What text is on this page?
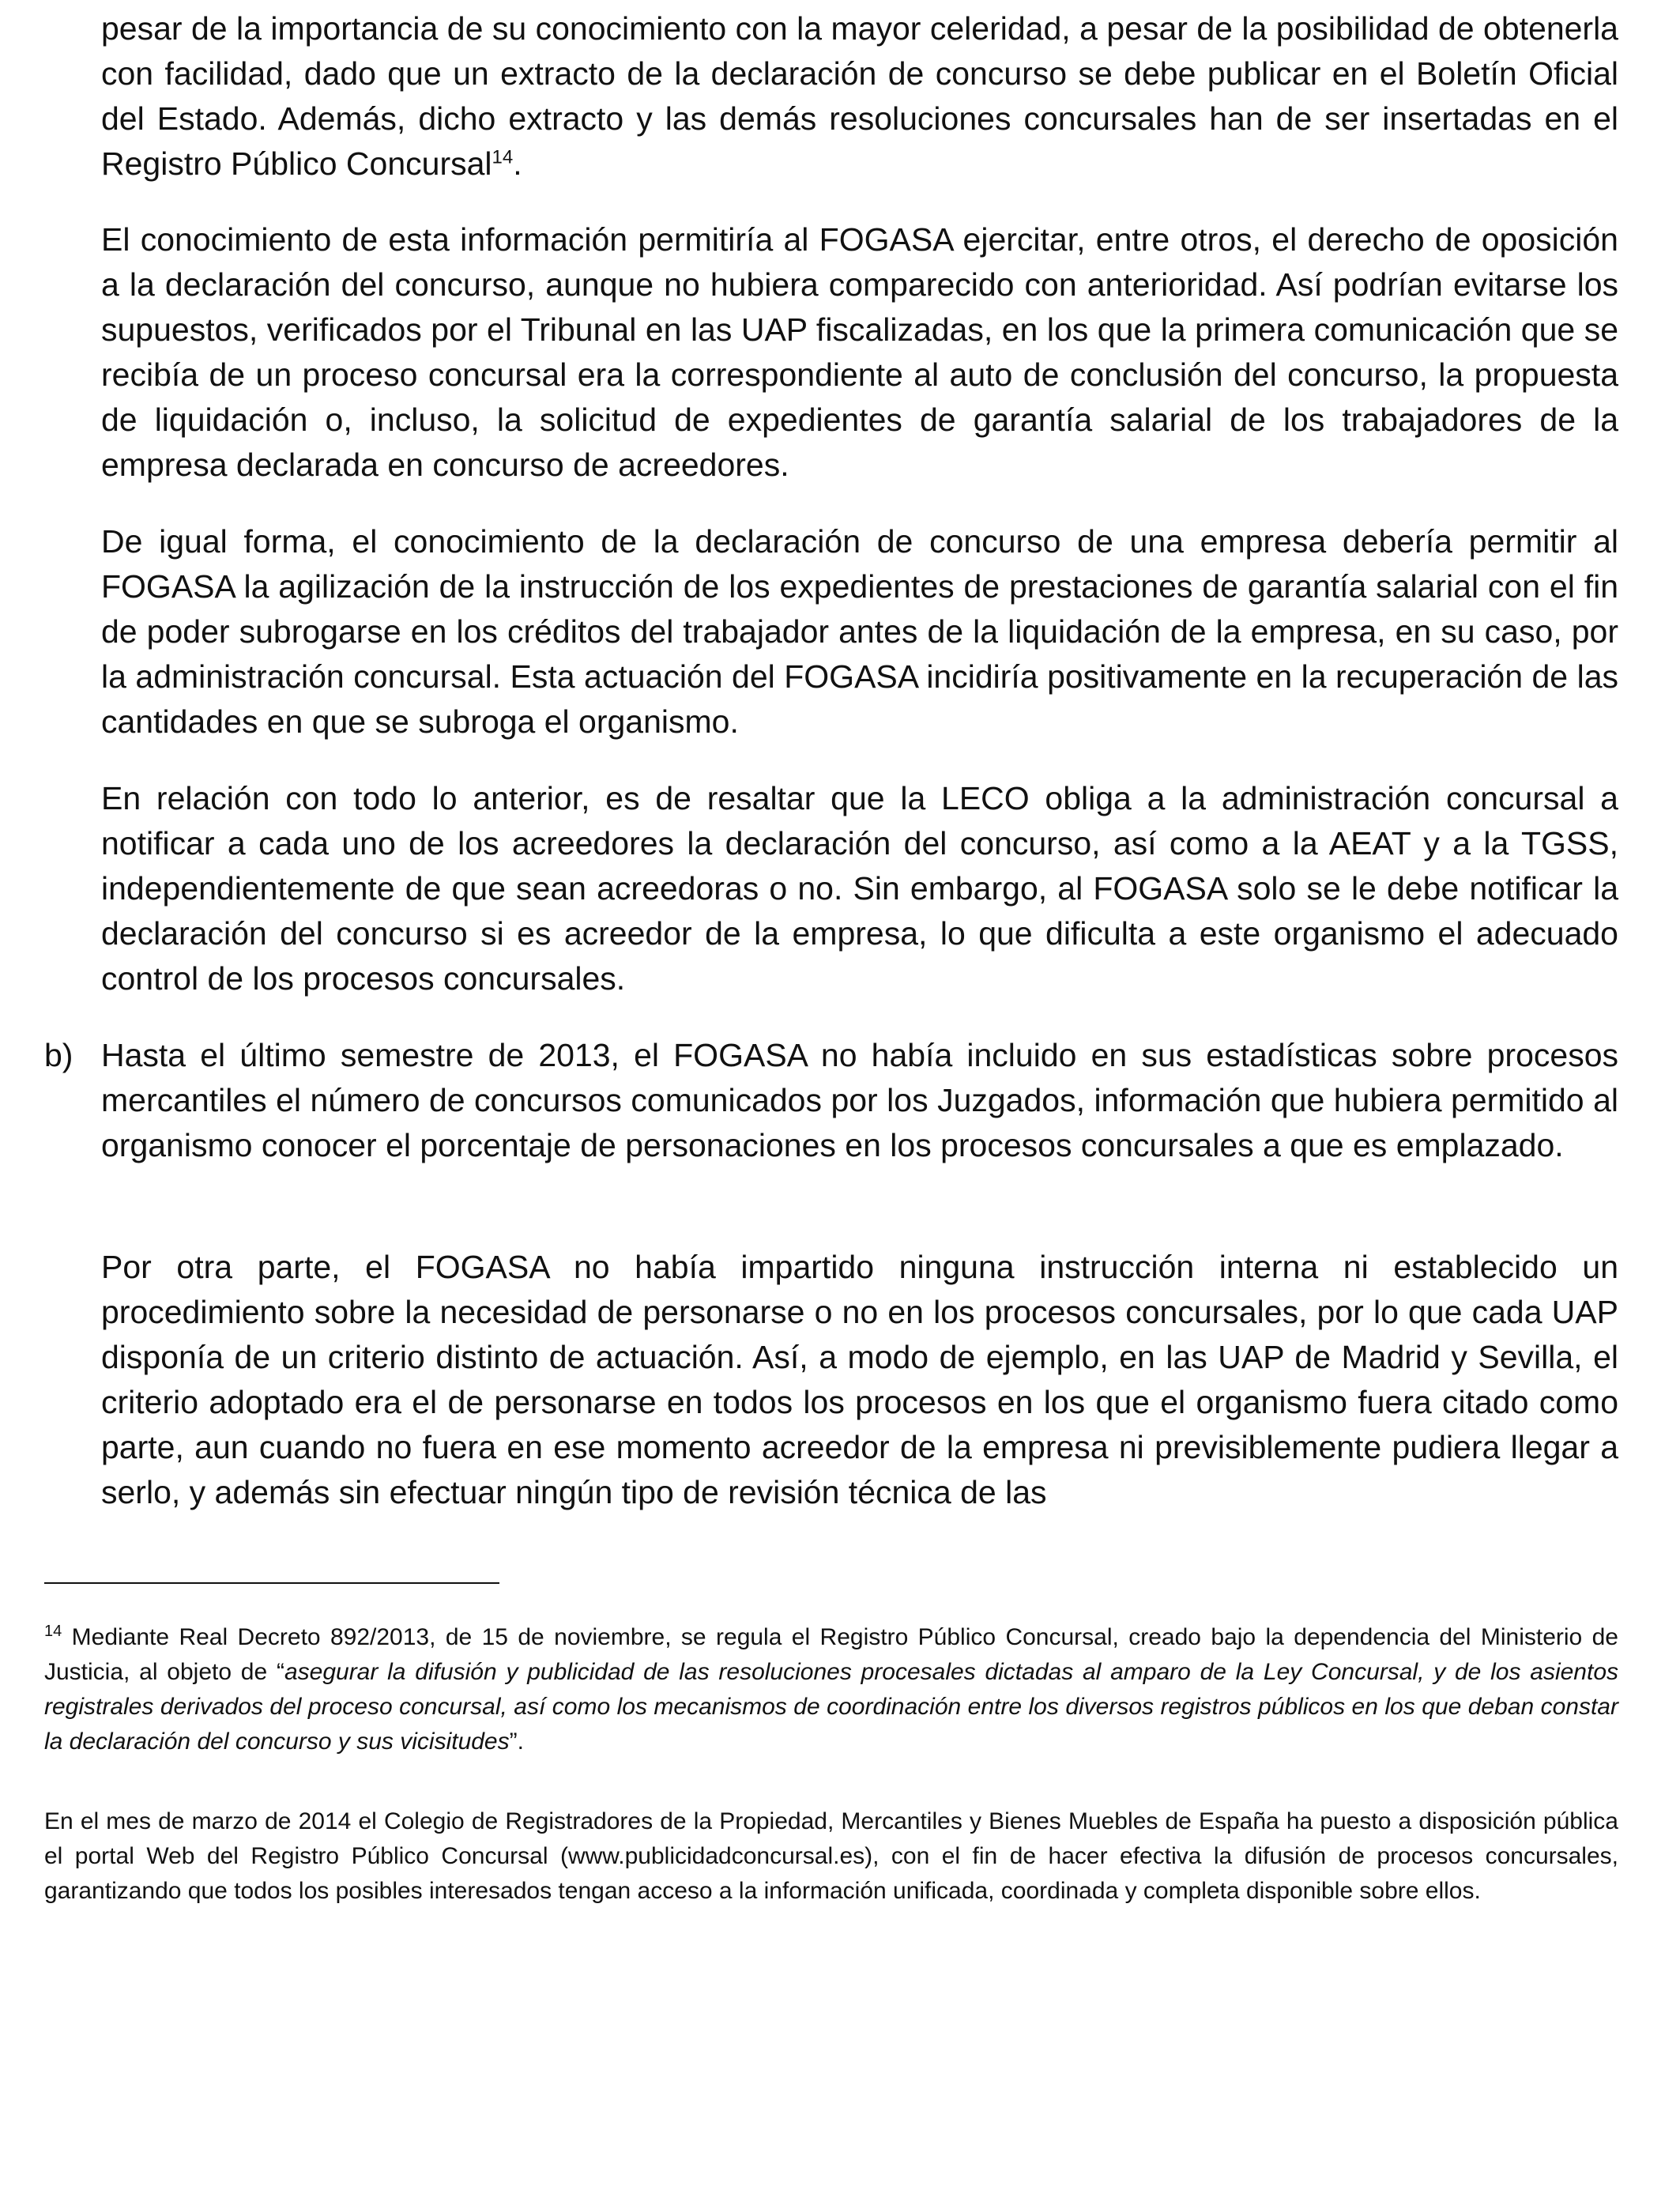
pesar de la importancia de su conocimiento con la mayor celeridad, a pesar de la posibilidad de obtenerla con facilidad, dado que un extracto de la declaración de concurso se debe publicar en el Boletín Oficial del Estado. Además, dicho extracto y las demás resoluciones concursales han de ser insertadas en el Registro Público Concursal$^{14}$.

El conocimiento de esta información permitiría al FOGASA ejercitar, entre otros, el derecho de oposición a la declaración del concurso, aunque no hubiera comparecido con anterioridad. Así podrían evitarse los supuestos, verificados por el Tribunal en las UAP fiscalizadas, en los que la primera comunicación que se recibía de un proceso concursal era la correspondiente al auto de conclusión del concurso, la propuesta de liquidación o, incluso, la solicitud de expedientes de garantía salarial de los trabajadores de la empresa declarada en concurso de acreedores.

De igual forma, el conocimiento de la declaración de concurso de una empresa debería permitir al FOGASA la agilización de la instrucción de los expedientes de prestaciones de garantía salarial con el fin de poder subrogarse en los créditos del trabajador antes de la liquidación de la empresa, en su caso, por la administración concursal. Esta actuación del FOGASA incidiría positivamente en la recuperación de las cantidades en que se subroga el organismo.

En relación con todo lo anterior, es de resaltar que la LECO obliga a la administración concursal a notificar a cada uno de los acreedores la declaración del concurso, así como a la AEAT y a la TGSS, independientemente de que sean acreedoras o no. Sin embargo, al FOGASA solo se le debe notificar la declaración del concurso si es acreedor de la empresa, lo que dificulta a este organismo el adecuado control de los procesos concursales.

b) Hasta el último semestre de 2013, el FOGASA no había incluido en sus estadísticas sobre procesos mercantiles el número de concursos comunicados por los Juzgados, información que hubiera permitido al organismo conocer el porcentaje de personaciones en los procesos concursales a que es emplazado.

Por otra parte, el FOGASA no había impartido ninguna instrucción interna ni establecido un procedimiento sobre la necesidad de personarse o no en los procesos concursales, por lo que cada UAP disponía de un criterio distinto de actuación. Así, a modo de ejemplo, en las UAP de Madrid y Sevilla, el criterio adoptado era el de personarse en todos los procesos en los que el organismo fuera citado como parte, aun cuando no fuera en ese momento acreedor de la empresa ni previsiblemente pudiera llegar a serlo, y además sin efectuar ningún tipo de revisión técnica de las

$^{14}$ Mediante Real Decreto 892/2013, de 15 de noviembre, se regula el Registro Público Concursal, creado bajo la dependencia del Ministerio de Justicia, al objeto de “asegurar la difusión y publicidad de las resoluciones procesales dictadas al amparo de la Ley Concursal, y de los asientos registrales derivados del proceso concursal, así como los mecanismos de coordinación entre los diversos registros públicos en los que deban constar la declaración del concurso y sus vicisitudes”.

En el mes de marzo de 2014 el Colegio de Registradores de la Propiedad, Mercantiles y Bienes Muebles de España ha puesto a disposición pública el portal Web del Registro Público Concursal (www.publicidadconcursal.es), con el fin de hacer efectiva la difusión de procesos concursales, garantizando que todos los posibles interesados tengan acceso a la información unificada, coordinada y completa disponible sobre ellos.
